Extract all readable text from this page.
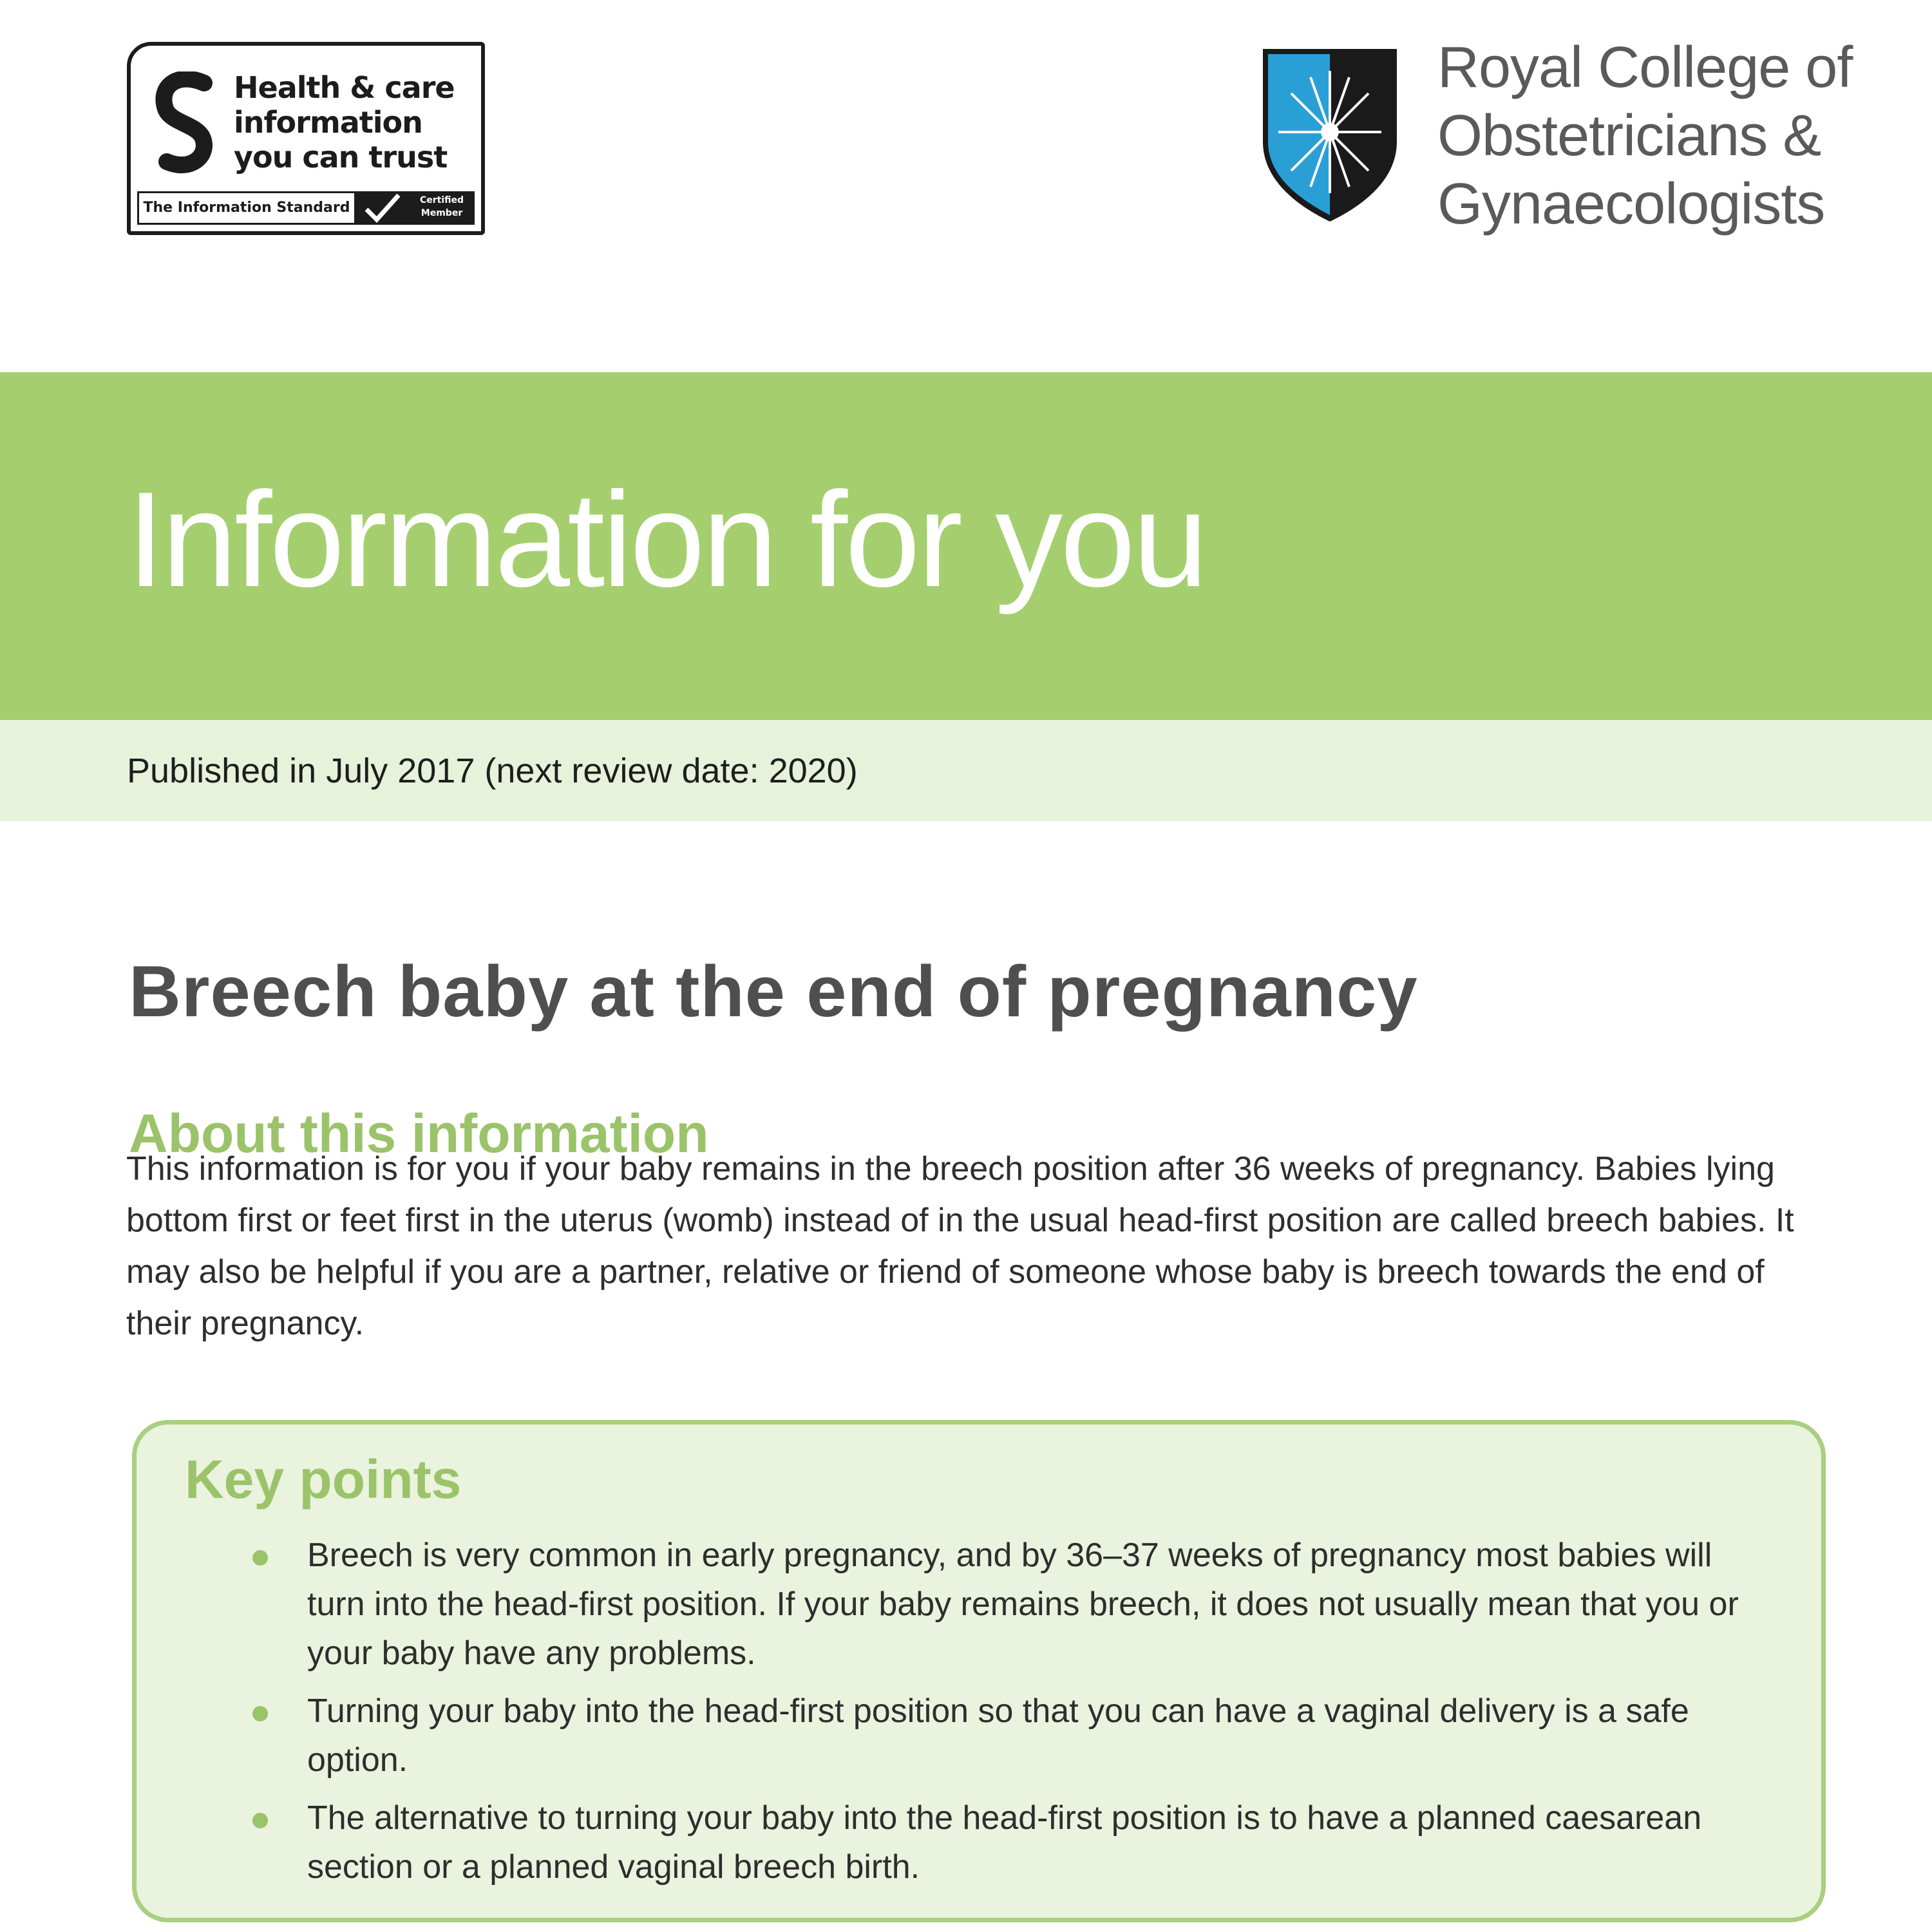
Health & care
information
you can trust
The Information Standard	Certified
Member
Royal College of
Obstetricians &
Gynaecologists
Information for you
Published in July 2017 (next review date: 2020)
Breech baby at the end of pregnancy
About this information

This information is for you if your baby remains in the breech position after 36 weeks of pregnancy. Babies lying bottom first or feet first in the uterus (womb) instead of in the usual head-first position are called breech babies. It may also be helpful if you are a partner, relative or friend of someone whose baby is breech towards the end of their pregnancy.

Key points
Breech is very common in early pregnancy, and by 36–37 weeks of pregnancy most babies will turn into the head-first position. If your baby remains breech, it does not usually mean that you or your baby have any problems.
Turning your baby into the head-first position so that you can have a vaginal delivery is a safe option.
The alternative to turning your baby into the head-first position is to have a planned caesarean section or a planned vaginal breech birth.
